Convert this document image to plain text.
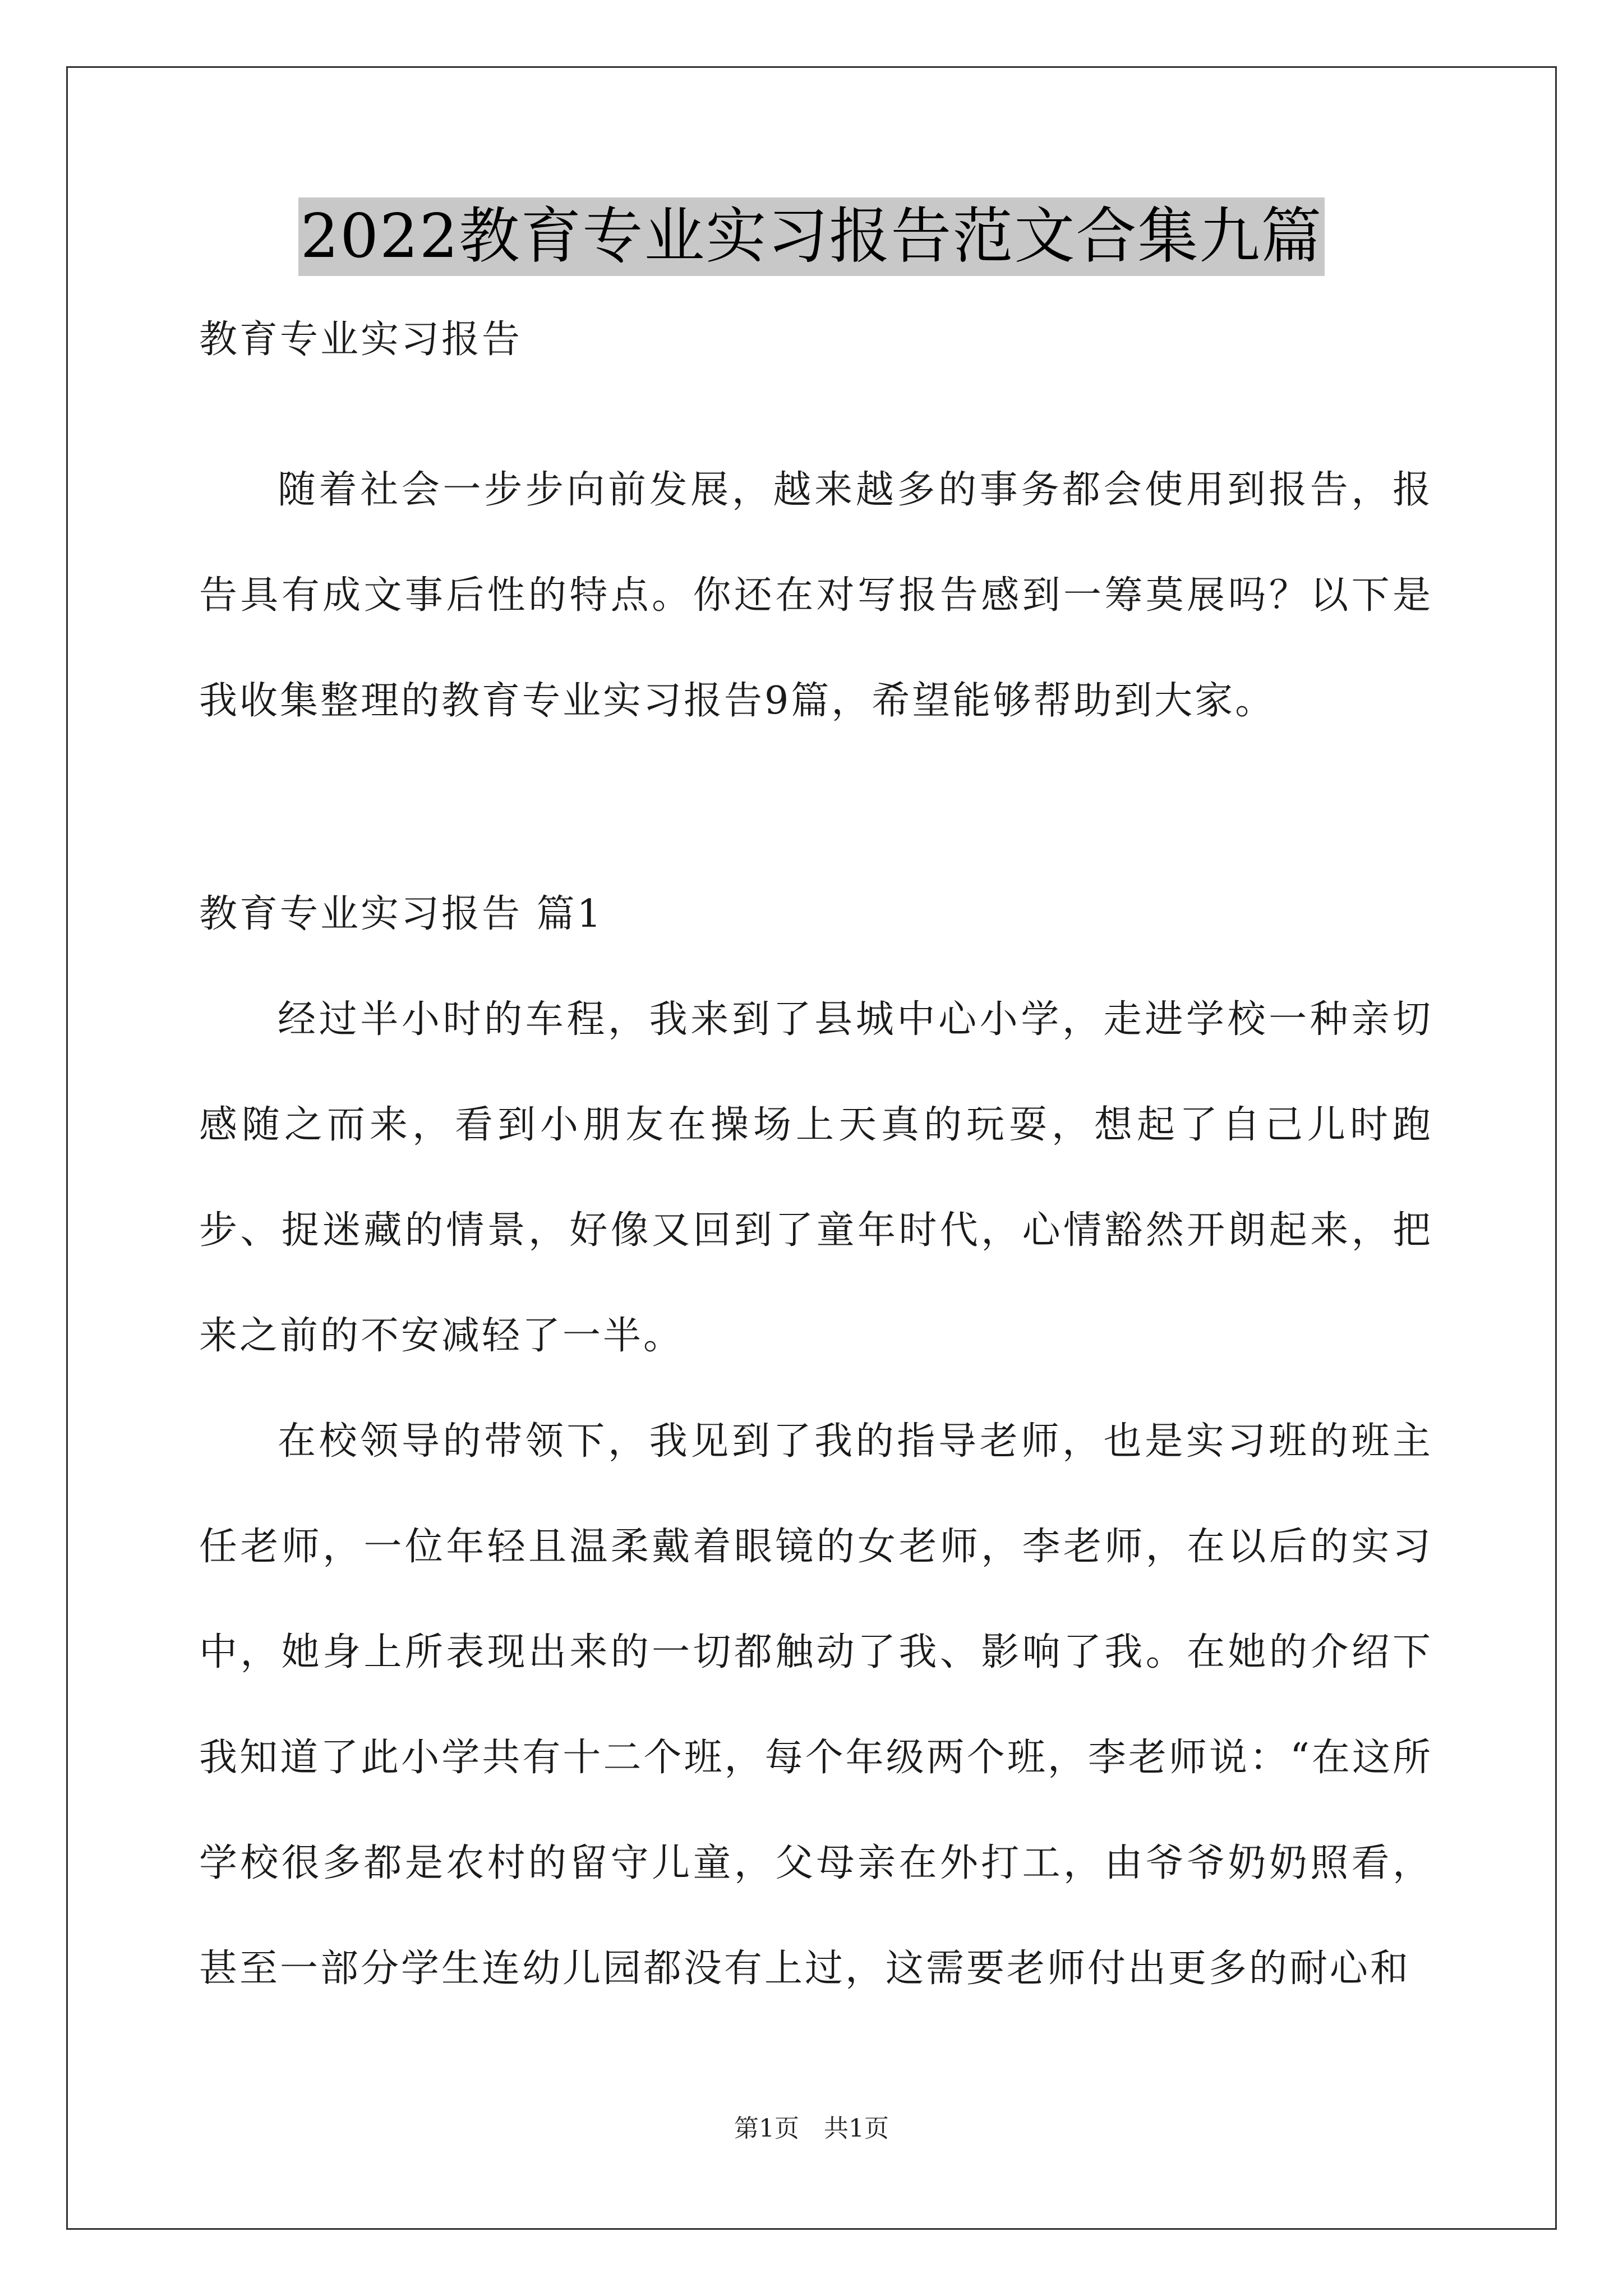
2022教育专业实习报告范文合集九篇
教育专业实习报告

随着社会一步步向前发展，越来越多的事务都会使用到报告，报告具有成文事后性的特点。你还在对写报告感到一筹莫展吗？以下是我收集整理的教育专业实习报告9篇，希望能够帮助到大家。

教育专业实习报告 篇1

经过半小时的车程，我来到了县城中心小学，走进学校一种亲切感随之而来，看到小朋友在操场上天真的玩耍，想起了自己儿时跑步、捉迷藏的情景，好像又回到了童年时代，心情豁然开朗起来，把来之前的不安减轻了一半。

在校领导的带领下，我见到了我的指导老师，也是实习班的班主任老师，一位年轻且温柔戴着眼镜的女老师，李老师，在以后的实习中，她身上所表现出来的一切都触动了我、影响了我。在她的介绍下我知道了此小学共有十二个班，每个年级两个班，李老师说：“在这所学校很多都是农村的留守儿童，父母亲在外打工，由爷爷奶奶照看，甚至一部分学生连幼儿园都没有上过，这需要老师付出更多的耐心和

第1页　共1页
